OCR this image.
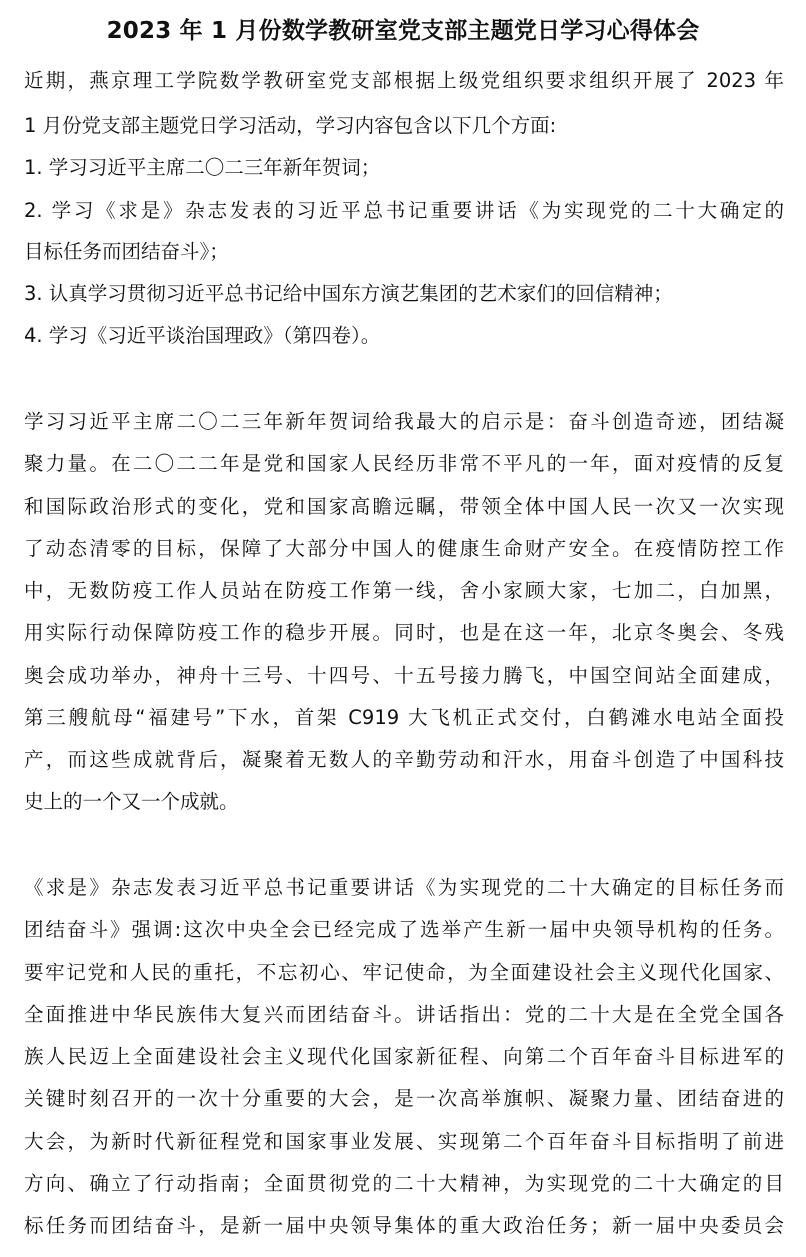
2023 年 1 月份数学教研室党支部主题党日学习心得体会
近期，燕京理工学院数学教研室党支部根据上级党组织要求组织开展了 2023 年
1 月份党支部主题党日学习活动，学习内容包含以下几个方面:
1. 学习习近平主席二〇二三年新年贺词；
2. 学习《求是》杂志发表的习近平总书记重要讲话《为实现党的二十大确定的
目标任务而团结奋斗》；
3. 认真学习贯彻习近平总书记给中国东方演艺集团的艺术家们的回信精神；
4. 学习《习近平谈治国理政》（第四卷）。
学习习近平主席二〇二三年新年贺词给我最大的启示是：奋斗创造奇迹，团结凝
聚力量。在二〇二二年是党和国家人民经历非常不平凡的一年，面对疫情的反复
和国际政治形式的变化，党和国家高瞻远瞩，带领全体中国人民一次又一次实现
了动态清零的目标，保障了大部分中国人的健康生命财产安全。在疫情防控工作
中，无数防疫工作人员站在防疫工作第一线，舍小家顾大家，七加二，白加黑，
用实际行动保障防疫工作的稳步开展。同时，也是在这一年，北京冬奥会、冬残
奥会成功举办，神舟十三号、十四号、十五号接力腾飞，中国空间站全面建成，
第三艘航母“福建号”下水，首架 C919 大飞机正式交付，白鹤滩水电站全面投
产，而这些成就背后，凝聚着无数人的辛勤劳动和汗水，用奋斗创造了中国科技
史上的一个又一个成就。
《求是》杂志发表习近平总书记重要讲话《为实现党的二十大确定的目标任务而
团结奋斗》强调:这次中央全会已经完成了选举产生新一届中央领导机构的任务。
要牢记党和人民的重托，不忘初心、牢记使命，为全面建设社会主义现代化国家、
全面推进中华民族伟大复兴而团结奋斗。讲话指出：党的二十大是在全党全国各
族人民迈上全面建设社会主义现代化国家新征程、向第二个百年奋斗目标进军的
关键时刻召开的一次十分重要的大会，是一次高举旗帜、凝聚力量、团结奋进的
大会，为新时代新征程党和国家事业发展、实现第二个百年奋斗目标指明了前进
方向、确立了行动指南；全面贯彻党的二十大精神，为实现党的二十大确定的目
标任务而团结奋斗，是新一届中央领导集体的重大政治任务；新一届中央委员会
